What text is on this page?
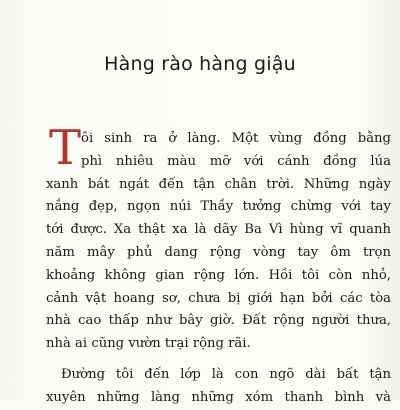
Hàng rào hàng giậu
T ôi sinh ra ở làng. Một vùng đồng bằng
phì nhiêu màu mỡ với cánh đồng lúa
xanh bát ngát đến tận chân trời. Những ngày
nắng đẹp, ngọn núi Thầy tưởng chừng với tay
tới được. Xa thật xa là dãy Ba Vì hùng vĩ quanh
năm mây phủ dang rộng vòng tay ôm trọn
khoảng không gian rộng lớn. Hồi tôi còn nhỏ,
cảnh vật hoang sơ, chưa bị giới hạn bởi các tòa
nhà cao thấp như bây giờ. Đất rộng người thưa,
nhà ai cũng vườn trại rộng rãi.
Đường tôi đến lớp là con ngõ dài bất tận
xuyên những làng những xóm thanh bình và
